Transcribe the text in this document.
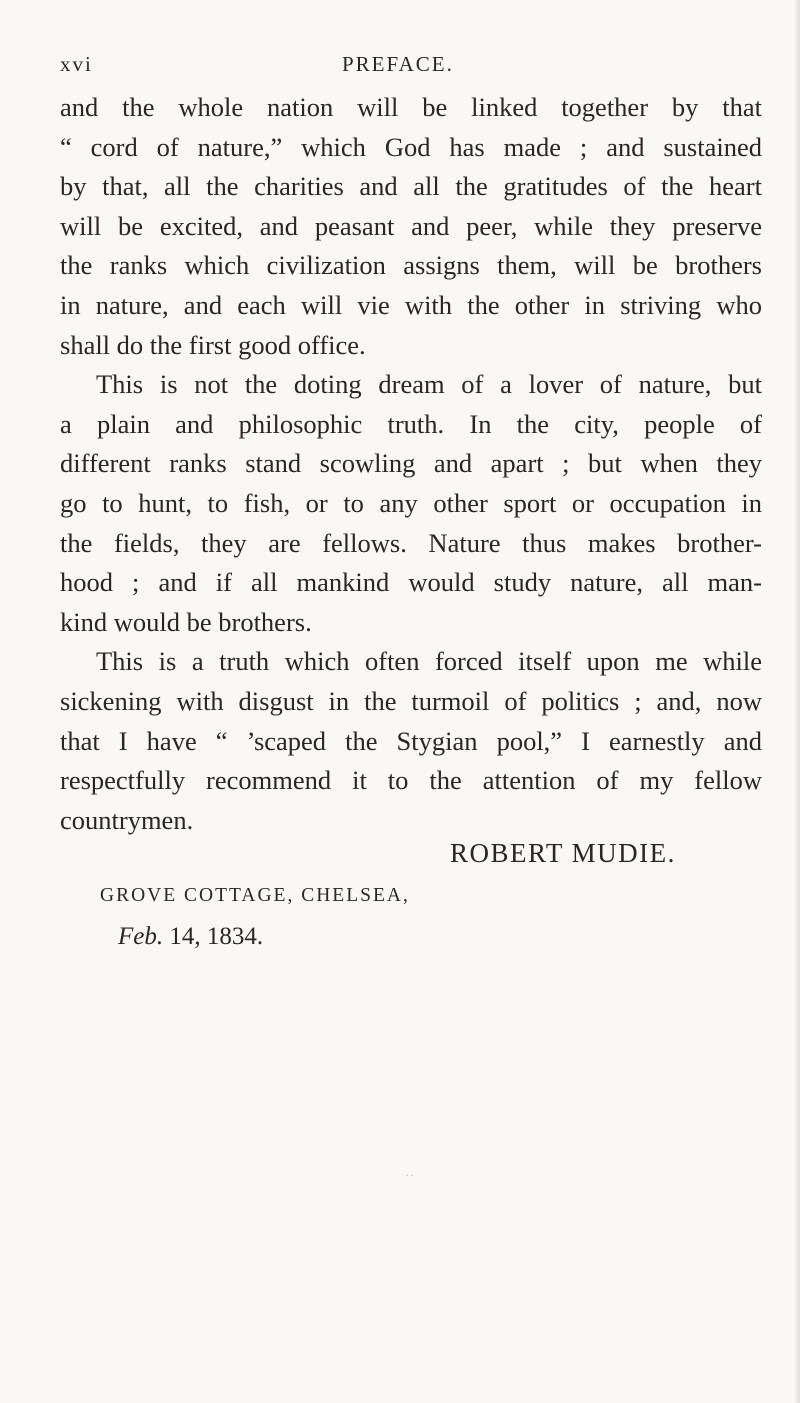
xvi	PREFACE.
and the whole nation will be linked together by that
“ cord of nature,” which God has made ; and sustained
by that, all the charities and all the gratitudes of the heart
will be excited, and peasant and peer, while they preserve
the ranks which civilization assigns them, will be brothers
in nature, and each will vie with the other in striving who
shall do the first good office.
This is not the doting dream of a lover of nature, but
a plain and philosophic truth. In the city, people of
different ranks stand scowling and apart ; but when they
go to hunt, to fish, or to any other sport or occupation in
the fields, they are fellows. Nature thus makes brother-
hood ; and if all mankind would study nature, all man-
kind would be brothers.
This is a truth which often forced itself upon me while
sickening with disgust in the turmoil of politics ; and, now
that I have “ ’scaped the Stygian pool,” I earnestly and
respectfully recommend it to the attention of my fellow
countrymen.
ROBERT MUDIE.
GROVE COTTAGE, CHELSEA,
Feb. 14, 1834.
. .
